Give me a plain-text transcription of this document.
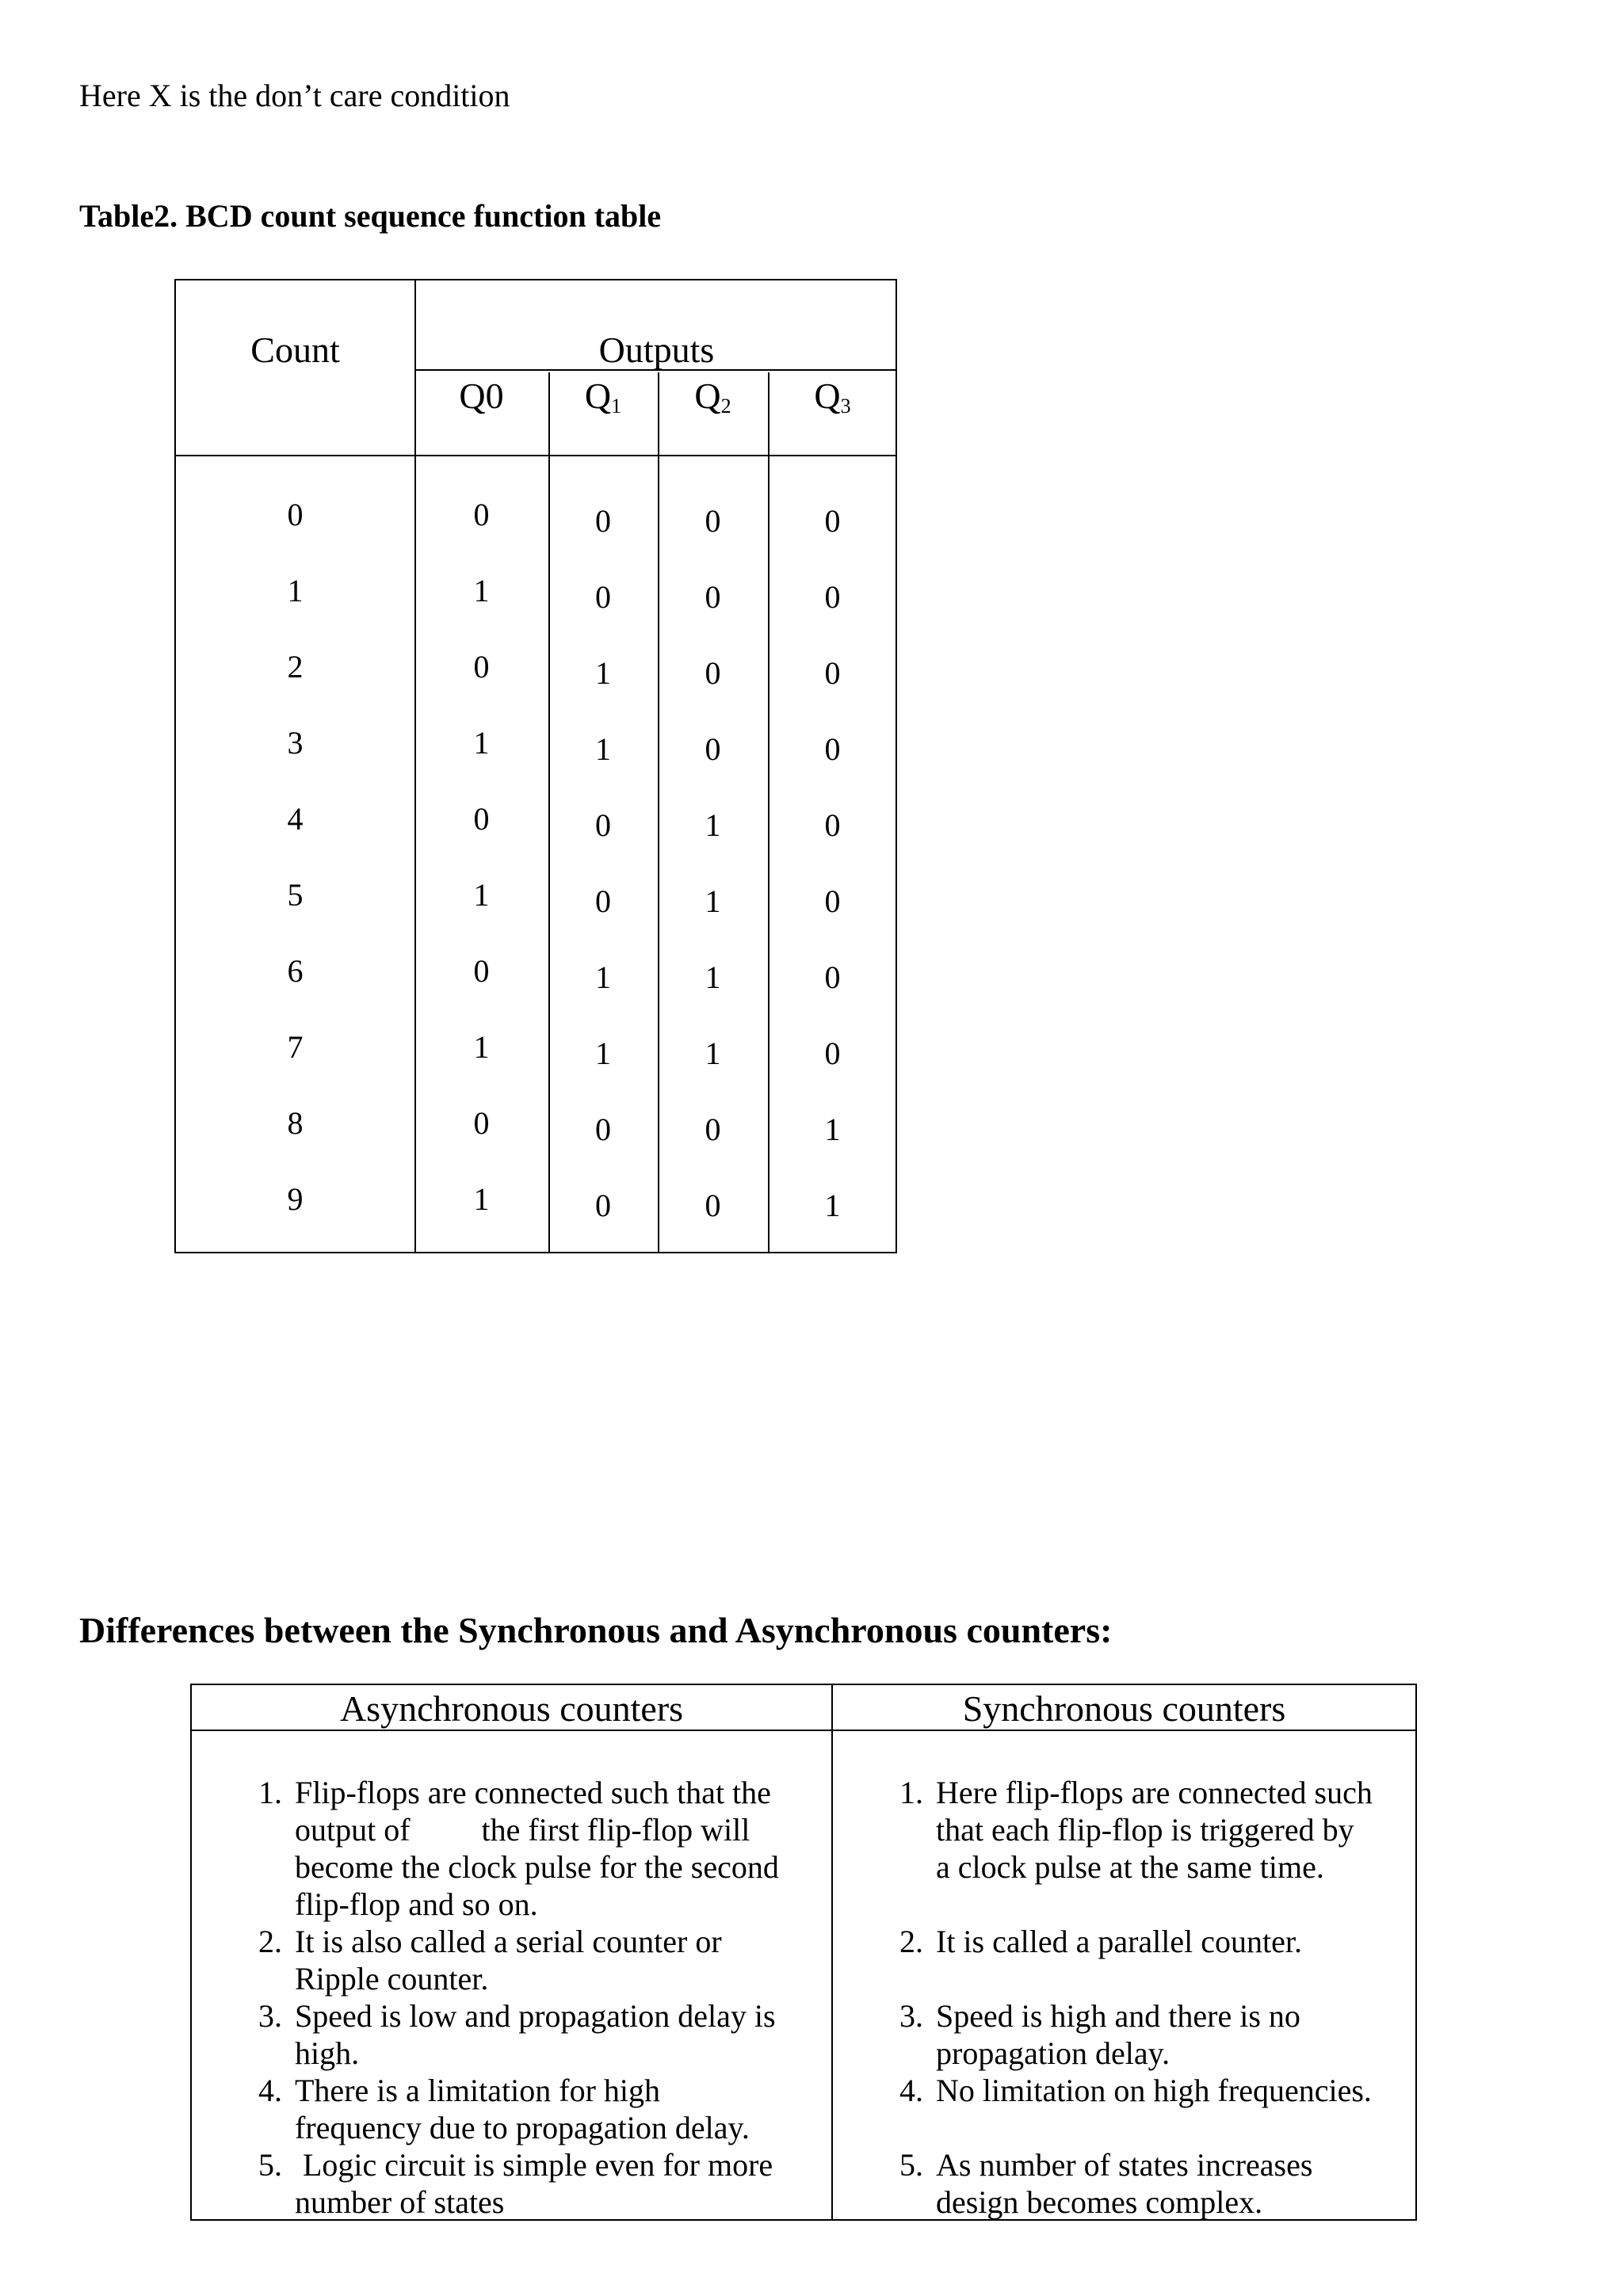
Here X is the don’t care condition

Table2. BCD count sequence function table

Count	Outputs
Q0	$Q_1$	$Q_2$	$Q_3$
0	0	0	0	0
1	1	0	0	0
2	0	1	0	0
3	1	1	0	0
4	0	0	1	0
5	1	0	1	0
6	0	1	1	0
7	1	1	1	0
8	0	0	0	1
9	1	0	0	1
Differences between the Synchronous and Asynchronous counters:
Asynchronous counters	Synchronous counters
1. Flip-flops are connected such that the
output of         the first flip-flop will
become the clock pulse for the second
flip-flop and so on.
2. It is also called a serial counter or
Ripple counter.
3. Speed is low and propagation delay is
high.
4. There is a limitation for high
frequency due to propagation delay.
5. Logic circuit is simple even for more
number of states
1. Here flip-flops are connected such
that each flip-flop is triggered by
a clock pulse at the same time.
2. It is called a parallel counter.
3. Speed is high and there is no
propagation delay.
4. No limitation on high frequencies.
5. As number of states increases
design becomes complex.
